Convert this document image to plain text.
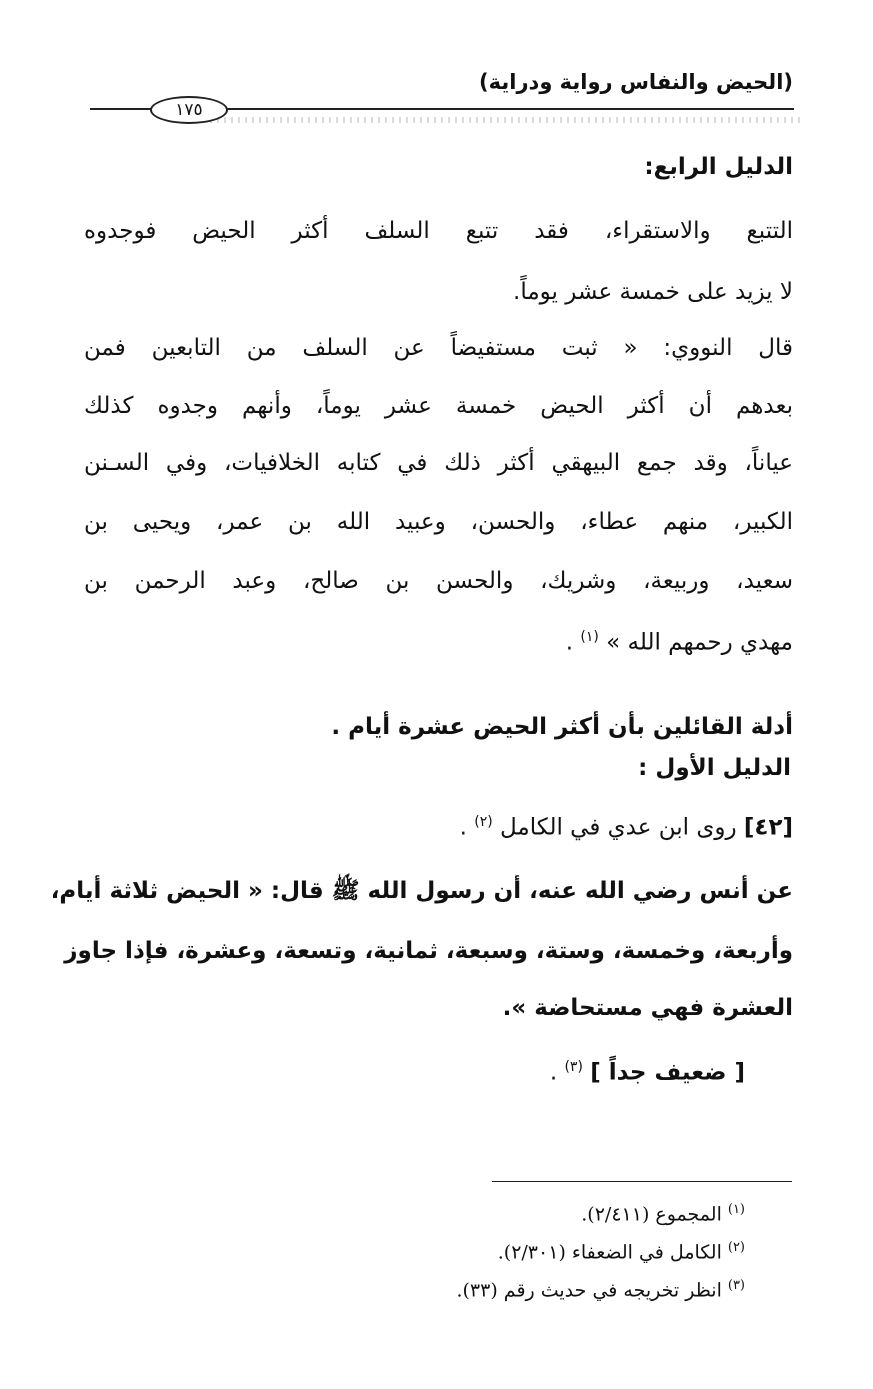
(الحيض والنفاس رواية ودراية)
١٧٥
الدليل الرابع:
التتبع والاستقراء، فقد تتبع السلف أكثر الحيض فوجدوه
لا يزيد على خمسة عشر يوماً.
قال النووي: « ثبت مستفيضاً عن السلف من التابعين فمن
بعدهم أن أكثر الحيض خمسة عشر يوماً، وأنهم وجدوه كذلك
عياناً، وقد جمع البيهقي أكثر ذلك في كتابه الخلافيات، وفي السـنن
الكبير، منهم عطاء، والحسن، وعبيد الله بن عمر، ويحيى بن
سعيد، وربيعة، وشريك، والحسن بن صالح، وعبد الرحمن بن
مهدي رحمهم الله » $^{(١)}$ .
أدلة القائلين بأن أكثر الحيض عشرة أيام .
الدليل الأول :
[٤٢] روى ابن عدي في الكامل $^{(٢)}$ .
عن أنس رضي الله عنه، أن رسول الله ﷺ قال: « الحيض ثلاثة أيام،
وأربعة، وخمسة، وستة، وسبعة، ثمانية، وتسعة، وعشرة، فإذا جاوز
العشرة فهي مستحاضة ».
[ ضعيف جداً ] $^{(٣)}$ .
$^{(١)}$المجموع (٢/٤١١).
$^{(٢)}$الكامل في الضعفاء (٢/٣٠١).
$^{(٣)}$انظر تخريجه في حديث رقم (٣٣).
